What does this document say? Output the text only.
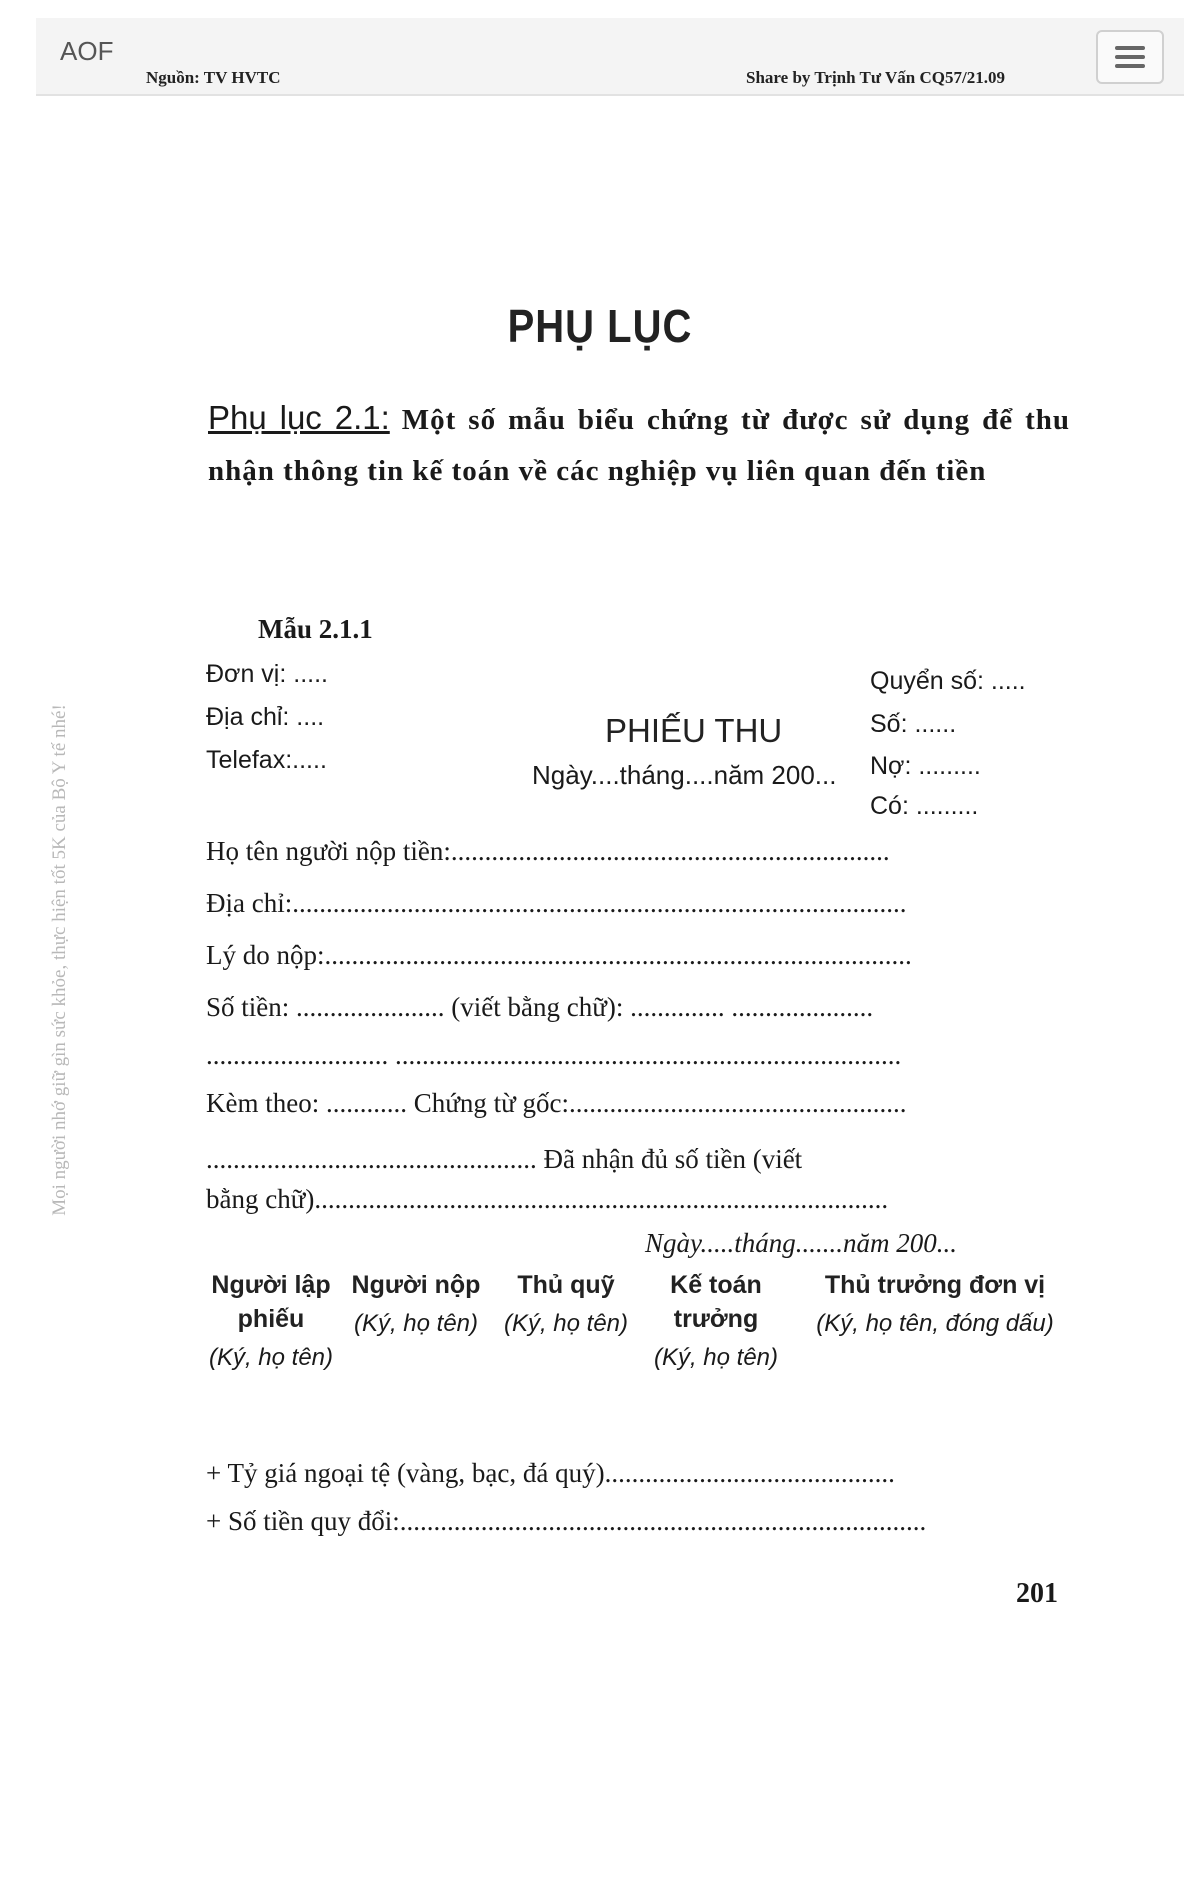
AOF
Nguồn: TV HVTC	Share by Trịnh Tư Vấn CQ57/21.09
Mọi người nhớ giữ gìn sức khỏe, thực hiện tốt 5K của Bộ Y tế nhé!
PHỤ LỤC
Phụ lục 2.1: Một số mẫu biểu chứng từ được sử dụng để thu nhận thông tin kế toán về các nghiệp vụ liên quan đến tiền
Mẫu 2.1.1
Đơn vị: .....
Địa chỉ: ....
Telefax:.....
PHIẾU THU
Ngày....tháng....năm 200...
Quyển số: .....
Số: ......
Nợ: .........
Có: .........
Họ tên người nộp tiền:.................................................................
Địa chỉ:...........................................................................................
Lý do nộp:.......................................................................................
Số tiền: ...................... (viết bằng chữ): .............. .....................
........................... ...........................................................................
Kèm theo: ............ Chứng từ gốc:..................................................
................................................. Đã nhận đủ số tiền (viết
bằng chữ).....................................................................................
Ngày.....tháng.......năm 200...
Người lập phiếu
(Ký, họ tên)
Người nộp
(Ký, họ tên)
Thủ quỹ
(Ký, họ tên)
Kế toán trưởng
(Ký, họ tên)
Thủ trưởng đơn vị
(Ký, họ tên, đóng dấu)
+ Tỷ giá ngoại tệ (vàng, bạc, đá quý)...........................................
+ Số tiền quy đổi:..............................................................................
201
